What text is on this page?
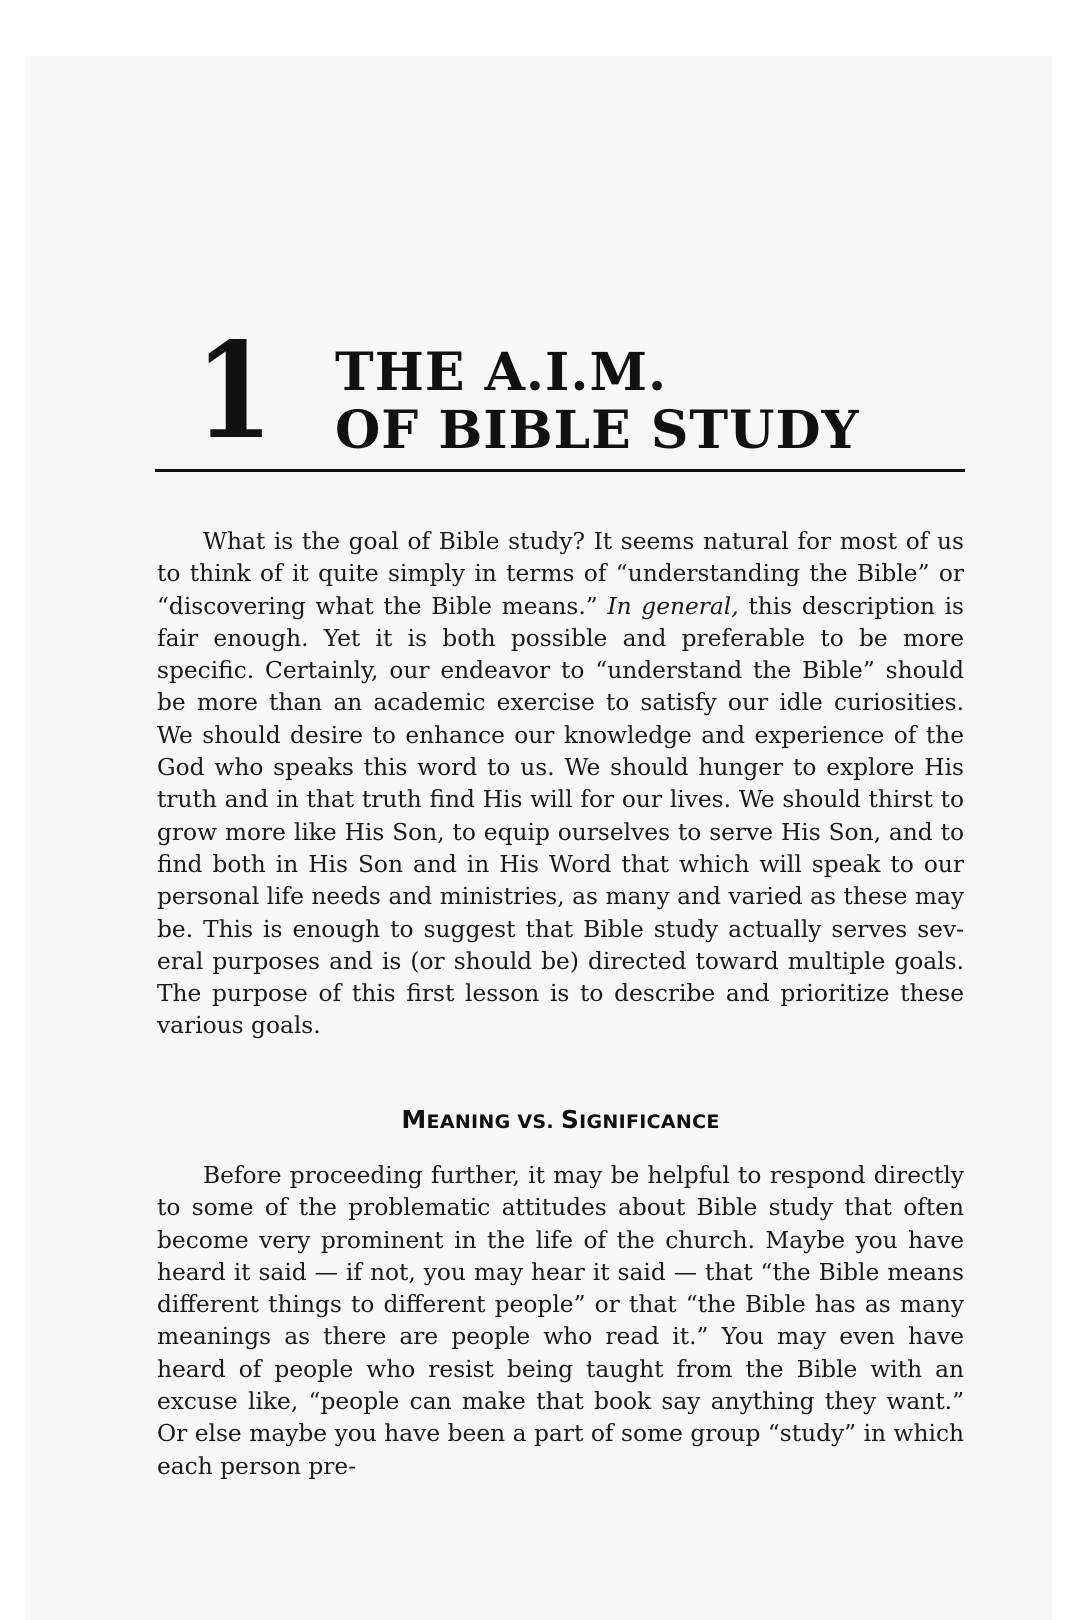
1 THE A.I.M.
OF BIBLE STUDY

What is the goal of Bible study? It seems natural for most of us to think of it quite simply in terms of “understanding the Bible” or “discovering what the Bible means.” In general, this description is fair enough. Yet it is both possible and preferable to be more specific. Certainly, our endeavor to “understand the Bible” should be more than an academic exercise to satisfy our idle curiosities. We should desire to enhance our knowledge and experience of the God who speaks this word to us. We should hunger to explore His truth and in that truth find His will for our lives. We should thirst to grow more like His Son, to equip ourselves to serve His Son, and to find both in His Son and in His Word that which will speak to our personal life needs and ministries, as many and varied as these may be. This is enough to suggest that Bible study actually serves several purposes and is (or should be) directed toward multiple goals. The purpose of this first lesson is to describe and prioritize these various goals.

MEANING VS. SIGNIFICANCE

Before proceeding further, it may be helpful to respond directly to some of the problematic attitudes about Bible study that often become very prominent in the life of the church. Maybe you have heard it said — if not, you may hear it said — that “the Bible means different things to different people” or that “the Bible has as many meanings as there are people who read it.” You may even have heard of people who resist being taught from the Bible with an excuse like, “people can make that book say anything they want.” Or else maybe you have been a part of some group “study” in which each person pre-
